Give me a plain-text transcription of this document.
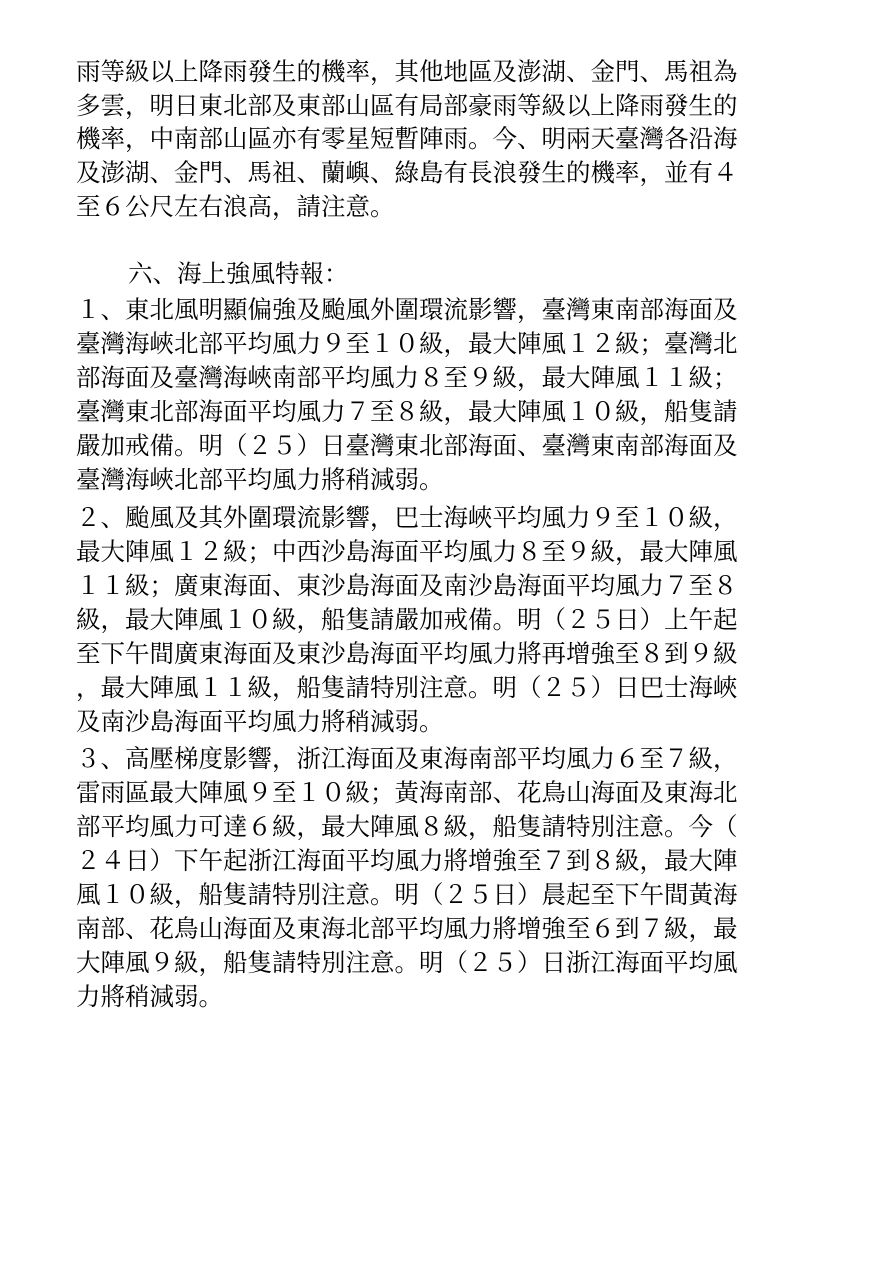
雨等級以上降雨發生的機率，其他地區及澎湖、金門、馬祖為
多雲，明日東北部及東部山區有局部豪雨等級以上降雨發生的
機率，中南部山區亦有零星短暫陣雨。今、明兩天臺灣各沿海
及澎湖、金門、馬祖、蘭嶼、綠島有長浪發生的機率，並有４
至６公尺左右浪高，請注意。
六、海上強風特報：
１、東北風明顯偏強及颱風外圍環流影響，臺灣東南部海面及
臺灣海峽北部平均風力９至１０級，最大陣風１２級；臺灣北
部海面及臺灣海峽南部平均風力８至９級，最大陣風１１級；
臺灣東北部海面平均風力７至８級，最大陣風１０級，船隻請
嚴加戒備。明（２５）日臺灣東北部海面、臺灣東南部海面及
臺灣海峽北部平均風力將稍減弱。
２、颱風及其外圍環流影響，巴士海峽平均風力９至１０級，
最大陣風１２級；中西沙島海面平均風力８至９級，最大陣風
１１級；廣東海面、東沙島海面及南沙島海面平均風力７至８
級，最大陣風１０級，船隻請嚴加戒備。明（２５日）上午起
至下午間廣東海面及東沙島海面平均風力將再增強至８到９級
，最大陣風１１級，船隻請特別注意。明（２５）日巴士海峽
及南沙島海面平均風力將稍減弱。
３、高壓梯度影響，浙江海面及東海南部平均風力６至７級，
雷雨區最大陣風９至１０級；黃海南部、花鳥山海面及東海北
部平均風力可達６級，最大陣風８級，船隻請特別注意。今（
２４日）下午起浙江海面平均風力將增強至７到８級，最大陣
風１０級，船隻請特別注意。明（２５日）晨起至下午間黃海
南部、花鳥山海面及東海北部平均風力將增強至６到７級，最
大陣風９級，船隻請特別注意。明（２５）日浙江海面平均風
力將稍減弱。
